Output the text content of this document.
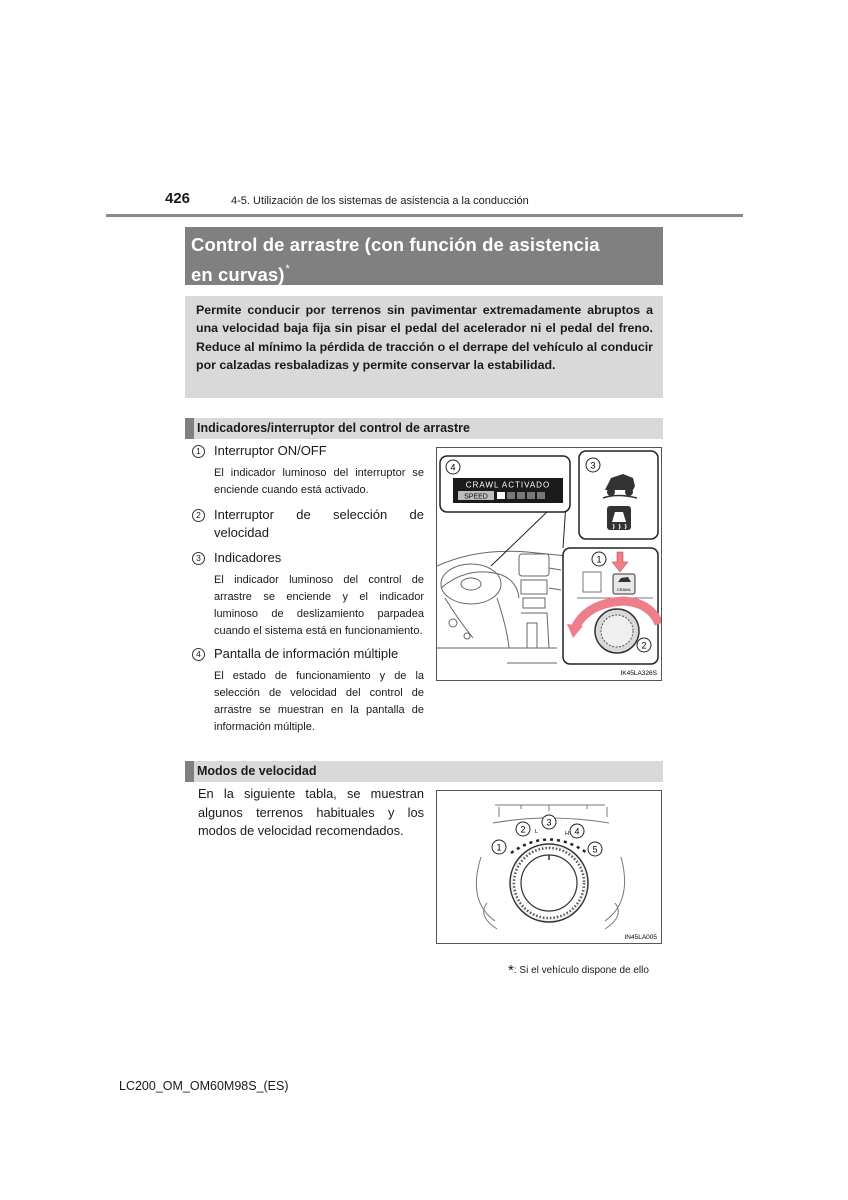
426	4-5. Utilización de los sistemas de asistencia a la conducción
Control de arrastre (con función de asistencia
en curvas)*
Permite conducir por terrenos sin pavimentar extremadamente abruptos a una velocidad baja fija sin pisar el pedal del acelerador ni el pedal del freno. Reduce al mínimo la pérdida de tracción o el derrape del vehículo al conducir por calzadas resbaladizas y permite conservar la estabilidad.
Indicadores/interruptor del control de arrastre
1	Interruptor ON/OFF
El indicador luminoso del interruptor se enciende cuando está activado.
2	Interruptor de selección de velocidad
3	Indicadores
El indicador luminoso del control de arrastre se enciende y el indicador luminoso de deslizamiento parpadea cuando el sistema está en funcionamiento.
4	Pantalla de información múltiple
El estado de funcionamiento y de la selección de velocidad del control de arrastre se muestran en la pantalla de información múltiple.
4
CRAWL ACTIVADO
SPEED
3
1
CRAWL
2
IK45LA326S
Modos de velocidad
En la siguiente tabla, se muestran algunos terrenos habituales y los modos de velocidad recomendados.	L	H
1
2
3
4
5
IN45LA005
*: Si el vehículo dispone de ello
LC200_OM_OM60M98S_(ES)
